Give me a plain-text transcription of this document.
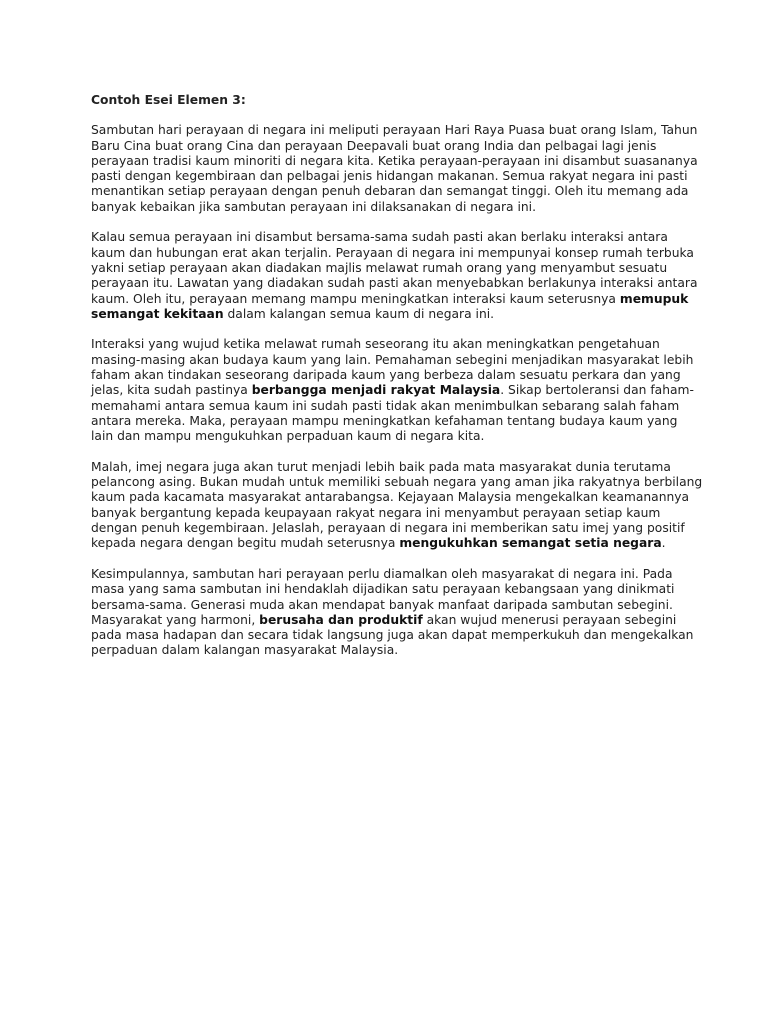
Contoh Esei Elemen 3:
Sambutan hari perayaan di negara ini meliputi perayaan Hari Raya Puasa buat orang Islam, Tahun
Baru Cina buat orang Cina dan perayaan Deepavali buat orang India dan pelbagai lagi jenis
perayaan tradisi kaum minoriti di negara kita. Ketika perayaan-perayaan ini disambut suasananya
pasti dengan kegembiraan dan pelbagai jenis hidangan makanan. Semua rakyat negara ini pasti
menantikan setiap perayaan dengan penuh debaran dan semangat tinggi. Oleh itu memang ada
banyak kebaikan jika sambutan perayaan ini dilaksanakan di negara ini.
Kalau semua perayaan ini disambut bersama-sama sudah pasti akan berlaku interaksi antara
kaum dan hubungan erat akan terjalin. Perayaan di negara ini mempunyai konsep rumah terbuka
yakni setiap perayaan akan diadakan majlis melawat rumah orang yang menyambut sesuatu
perayaan itu. Lawatan yang diadakan sudah pasti akan menyebabkan berlakunya interaksi antara
kaum. Oleh itu, perayaan memang mampu meningkatkan interaksi kaum seterusnya memupuk
semangat kekitaan dalam kalangan semua kaum di negara ini.
Interaksi yang wujud ketika melawat rumah seseorang itu akan meningkatkan pengetahuan
masing-masing akan budaya kaum yang lain. Pemahaman sebegini menjadikan masyarakat lebih
faham akan tindakan seseorang daripada kaum yang berbeza dalam sesuatu perkara dan yang
jelas, kita sudah pastinya berbangga menjadi rakyat Malaysia. Sikap bertoleransi dan faham-
memahami antara semua kaum ini sudah pasti tidak akan menimbulkan sebarang salah faham
antara mereka. Maka, perayaan mampu meningkatkan kefahaman tentang budaya kaum yang
lain dan mampu mengukuhkan perpaduan kaum di negara kita.
Malah, imej negara juga akan turut menjadi lebih baik pada mata masyarakat dunia terutama
pelancong asing. Bukan mudah untuk memiliki sebuah negara yang aman jika rakyatnya berbilang
kaum pada kacamata masyarakat antarabangsa. Kejayaan Malaysia mengekalkan keamanannya
banyak bergantung kepada keupayaan rakyat negara ini menyambut perayaan setiap kaum
dengan penuh kegembiraan. Jelaslah, perayaan di negara ini memberikan satu imej yang positif
kepada negara dengan begitu mudah seterusnya mengukuhkan semangat setia negara.
Kesimpulannya, sambutan hari perayaan perlu diamalkan oleh masyarakat di negara ini. Pada
masa yang sama sambutan ini hendaklah dijadikan satu perayaan kebangsaan yang dinikmati
bersama-sama. Generasi muda akan mendapat banyak manfaat daripada sambutan sebegini.
Masyarakat yang harmoni, berusaha dan produktif akan wujud menerusi perayaan sebegini
pada masa hadapan dan secara tidak langsung juga akan dapat memperkukuh dan mengekalkan
perpaduan dalam kalangan masyarakat Malaysia.
